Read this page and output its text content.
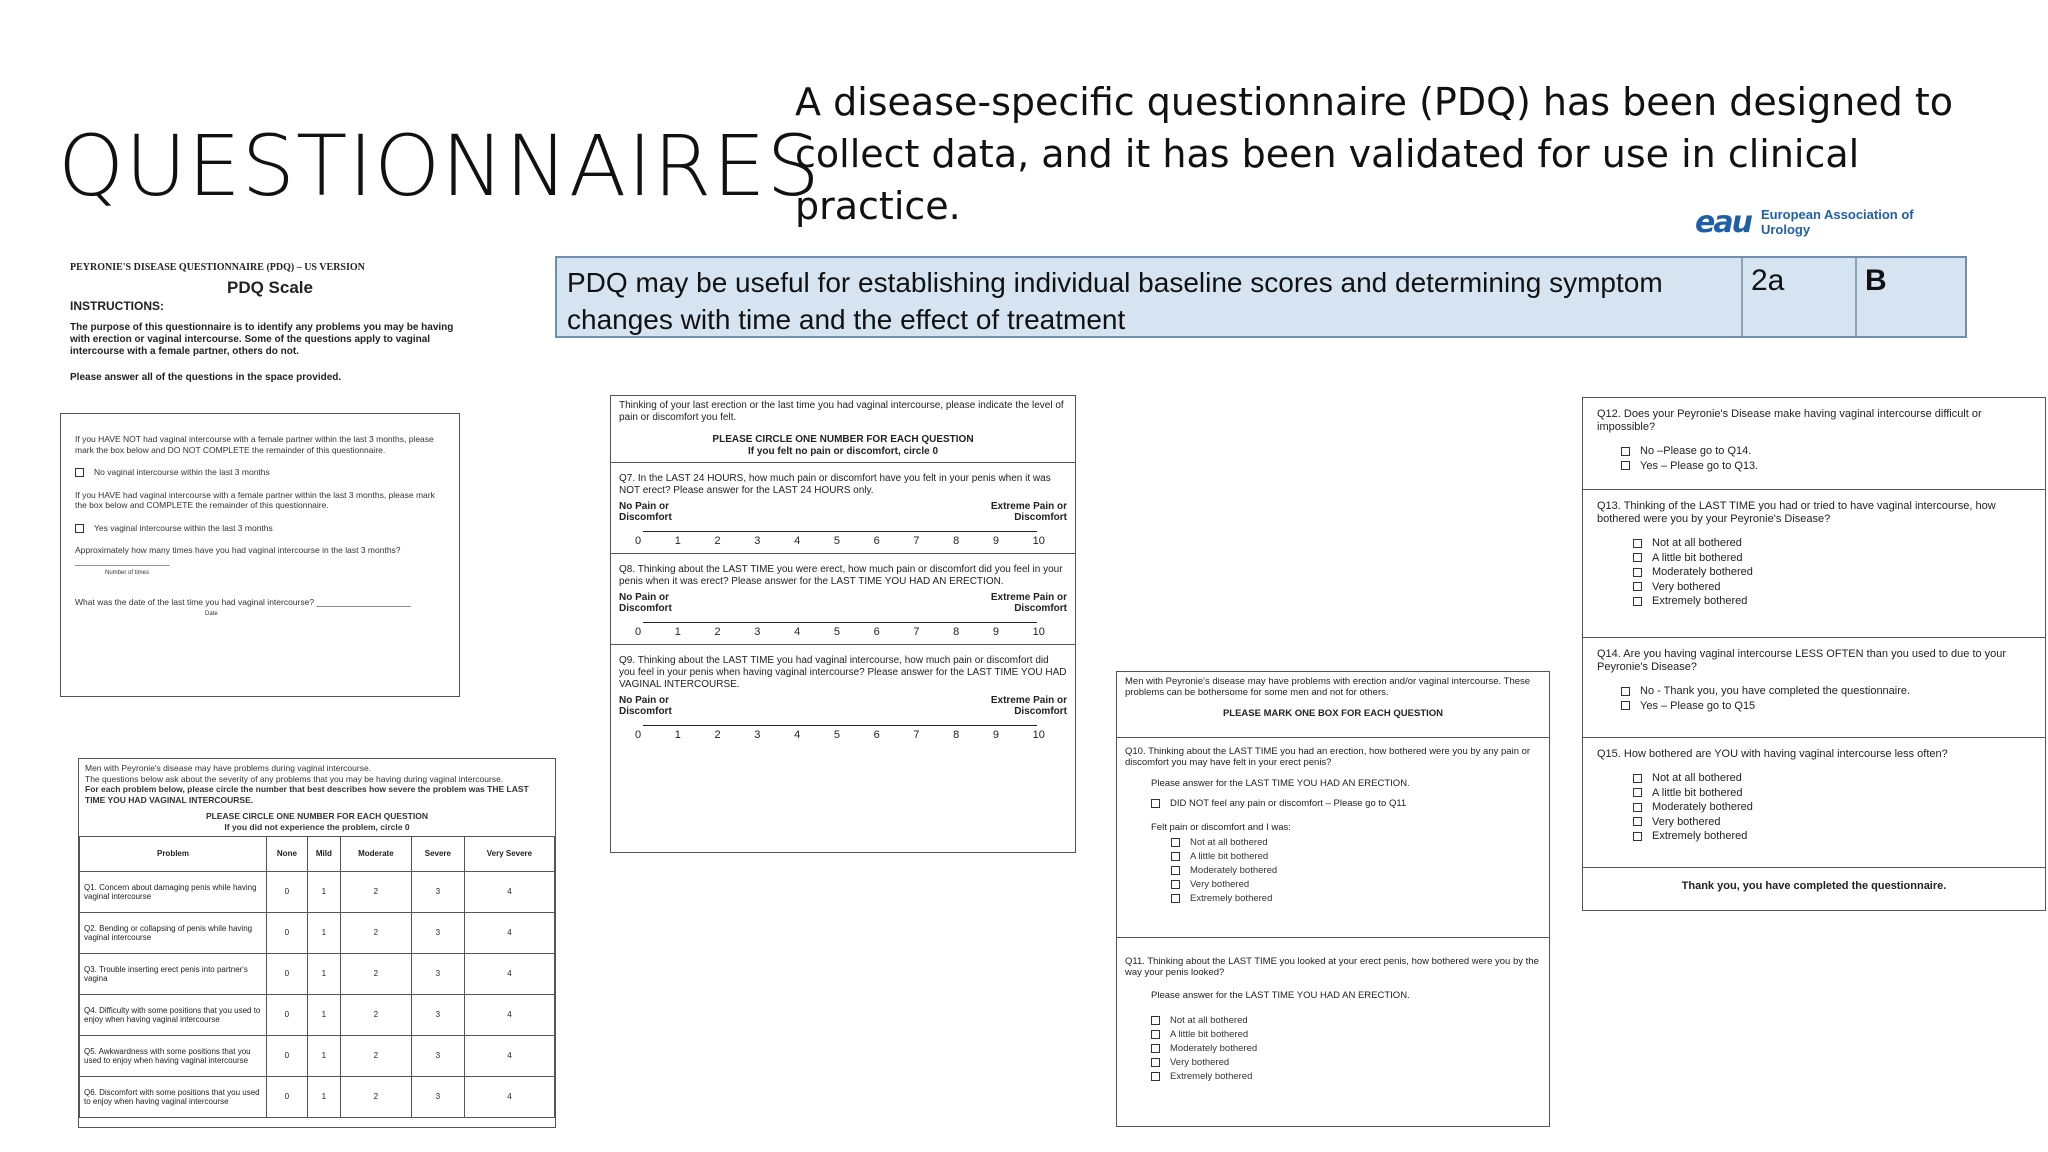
QUESTIONNAIRES
A disease-specific questionnaire (PDQ) has been designed to collect data, and it has been validated for use in clinical practice.	eau European Association of Urology
PDQ may be useful for establishing individual baseline scores and determining symptom changes with time and the effect of treatment
2a	B
PEYRONIE'S DISEASE QUESTIONNAIRE (PDQ) – US VERSION
PDQ Scale
INSTRUCTIONS:
The purpose of this questionnaire is to identify any problems you may be having with erection or vaginal intercourse. Some of the questions apply to vaginal intercourse with a female partner, others do not.
Please answer all of the questions in the space provided.
If you HAVE NOT had vaginal intercourse with a female partner within the last 3 months, please mark the box below and DO NOT COMPLETE the remainder of this questionnaire.
No vaginal intercourse within the last 3 months
If you HAVE had vaginal intercourse with a female partner within the last 3 months, please mark the box below and COMPLETE the remainder of this questionnaire.
Yes vaginal intercourse within the last 3 months
Approximately how many times have you had vaginal intercourse in the last 3 months? ____________________
Number of times
What was the date of the last time you had vaginal intercourse? ____________________
Date
Men with Peyronie's disease may have problems during vaginal intercourse.
The questions below ask about the severity of any problems that you may be having during vaginal intercourse.
For each problem below, please circle the number that best describes how severe the problem was THE LAST TIME YOU HAD VAGINAL INTERCOURSE.
PLEASE CIRCLE ONE NUMBER FOR EACH QUESTION
If you did not experience the problem, circle 0
Problem	None	Mild	Moderate	Severe	Very Severe
Q1. Concern about damaging penis while having vaginal intercourse	0	1	2	3	4
Q2. Bending or collapsing of penis while having vaginal intercourse	0	1	2	3	4
Q3. Trouble inserting erect penis into partner's vagina	0	1	2	3	4
Q4. Difficulty with some positions that you used to enjoy when having vaginal intercourse	0	1	2	3	4
Q5. Awkwardness with some positions that you used to enjoy when having vaginal intercourse	0	1	2	3	4
Q6. Discomfort with some positions that you used to enjoy when having vaginal intercourse	0	1	2	3	4
Thinking of your last erection or the last time you had vaginal intercourse, please indicate the level of pain or discomfort you felt.
PLEASE CIRCLE ONE NUMBER FOR EACH QUESTION
If you felt no pain or discomfort, circle 0
Q7. In the LAST 24 HOURS, how much pain or discomfort have you felt in your penis when it was NOT erect? Please answer for the LAST 24 HOURS only.
No Pain or Discomfort
Extreme Pain or Discomfort
0	1	2	3	4	5	6	7	8	9	10
Q8. Thinking about the LAST TIME you were erect, how much pain or discomfort did you feel in your penis when it was erect? Please answer for the LAST TIME YOU HAD AN ERECTION.
No Pain or Discomfort
Extreme Pain or Discomfort
0	1	2	3	4	5	6	7	8	9	10
Q9. Thinking about the LAST TIME you had vaginal intercourse, how much pain or discomfort did you feel in your penis when having vaginal intercourse? Please answer for the LAST TIME YOU HAD VAGINAL INTERCOURSE.
No Pain or Discomfort
Extreme Pain or Discomfort
0	1	2	3	4	5	6	7	8	9	10
Men with Peyronie's disease may have problems with erection and/or vaginal intercourse. These problems can be bothersome for some men and not for others.
PLEASE MARK ONE BOX FOR EACH QUESTION
Q10. Thinking about the LAST TIME you had an erection, how bothered were you by any pain or discomfort you may have felt in your erect penis?
Please answer for the LAST TIME YOU HAD AN ERECTION.
DID NOT feel any pain or discomfort – Please go to Q11
Felt pain or discomfort and I was:
Not at all bothered
A little bit bothered
Moderately bothered
Very bothered
Extremely bothered
Q11. Thinking about the LAST TIME you looked at your erect penis, how bothered were you by the way your penis looked?
Please answer for the LAST TIME YOU HAD AN ERECTION.
Not at all bothered
A little bit bothered
Moderately bothered
Very bothered
Extremely bothered
Q12. Does your Peyronie's Disease make having vaginal intercourse difficult or impossible?
No –Please go to Q14.
Yes – Please go to Q13.
Q13. Thinking of the LAST TIME you had or tried to have vaginal intercourse, how bothered were you by your Peyronie's Disease?
Not at all bothered
A little bit bothered
Moderately bothered
Very bothered
Extremely bothered
Q14. Are you having vaginal intercourse LESS OFTEN than you used to due to your Peyronie's Disease?
No - Thank you, you have completed the questionnaire.
Yes – Please go to Q15
Q15. How bothered are YOU with having vaginal intercourse less often?
Not at all bothered
A little bit bothered
Moderately bothered
Very bothered
Extremely bothered
Thank you, you have completed the questionnaire.
